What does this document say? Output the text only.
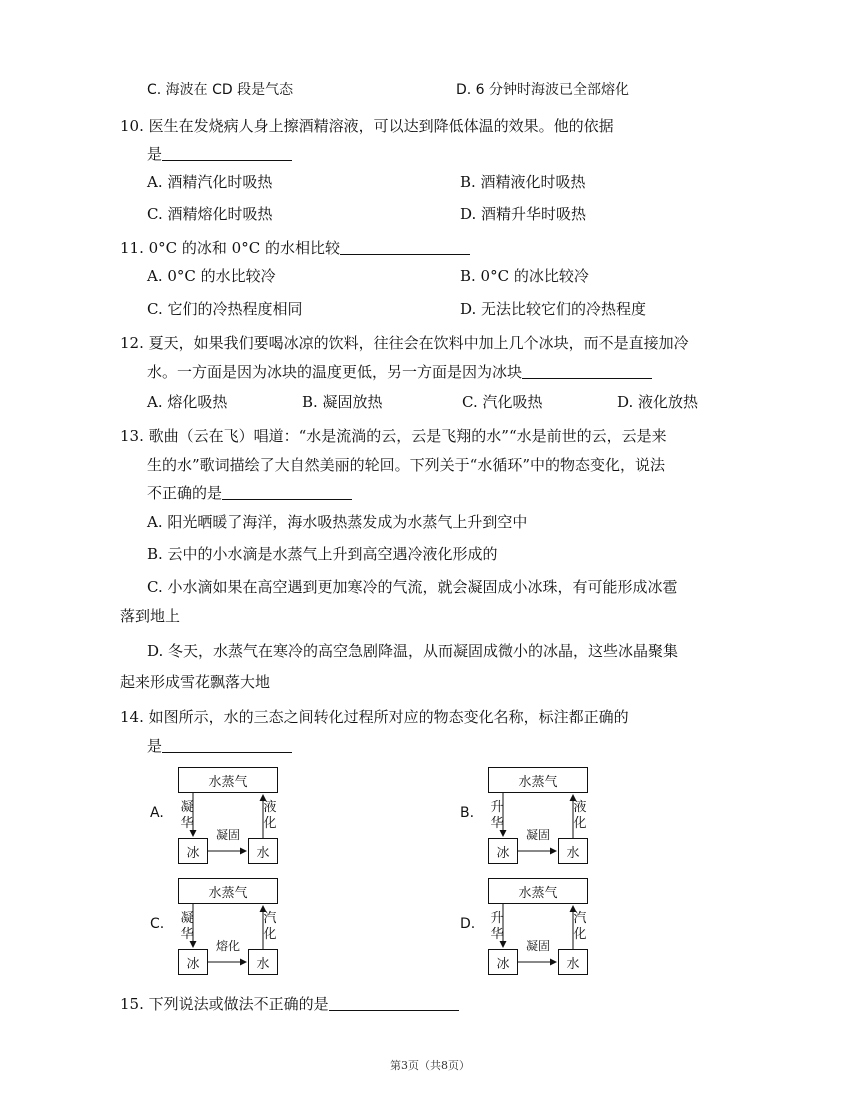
C. 海波在 CD 段是气态	D. 6 分钟时海波已全部熔化
10. 医生在发烧病人身上擦酒精溶液，可以达到降低体温的效果。他的依据
是
A. 酒精汽化时吸热	B. 酒精液化时吸热
C. 酒精熔化时吸热	D. 酒精升华时吸热
11. 0°C 的冰和 0°C 的水相比较
A. 0°C 的水比较冷	B. 0°C 的冰比较冷
C. 它们的冷热程度相同	D. 无法比较它们的冷热程度
12. 夏天，如果我们要喝冰凉的饮料，往往会在饮料中加上几个冰块，而不是直接加冷
水。一方面是因为冰块的温度更低，另一方面是因为冰块
A. 熔化吸热	B. 凝固放热	C. 汽化吸热	D. 液化放热
13. 歌曲（云在飞）唱道：“水是流淌的云，云是飞翔的水”“水是前世的云，云是来
生的水”歌词描绘了大自然美丽的轮回。下列关于“水循环”中的物态变化，说法
不正确的是
A. 阳光晒暖了海洋，海水吸热蒸发成为水蒸气上升到空中
B. 云中的小水滴是水蒸气上升到高空遇冷液化形成的
C. 小水滴如果在高空遇到更加寒冷的气流，就会凝固成小冰珠，有可能形成冰雹
落到地上
D. 冬天，水蒸气在寒冷的高空急剧降温，从而凝固成微小的冰晶，这些冰晶聚集
起来形成雪花飘落大地
14. 如图所示，水的三态之间转化过程所对应的物态变化名称，标注都正确的
是
A.
水蒸气
凝华
液化
凝固
冰	水
B.
水蒸气
升华
液化
凝固
冰	水
C.
水蒸气
凝华
汽化
熔化
冰	水
D.
水蒸气
升华
汽化
凝固
冰	水
15. 下列说法或做法不正确的是
第3页（共8页）
